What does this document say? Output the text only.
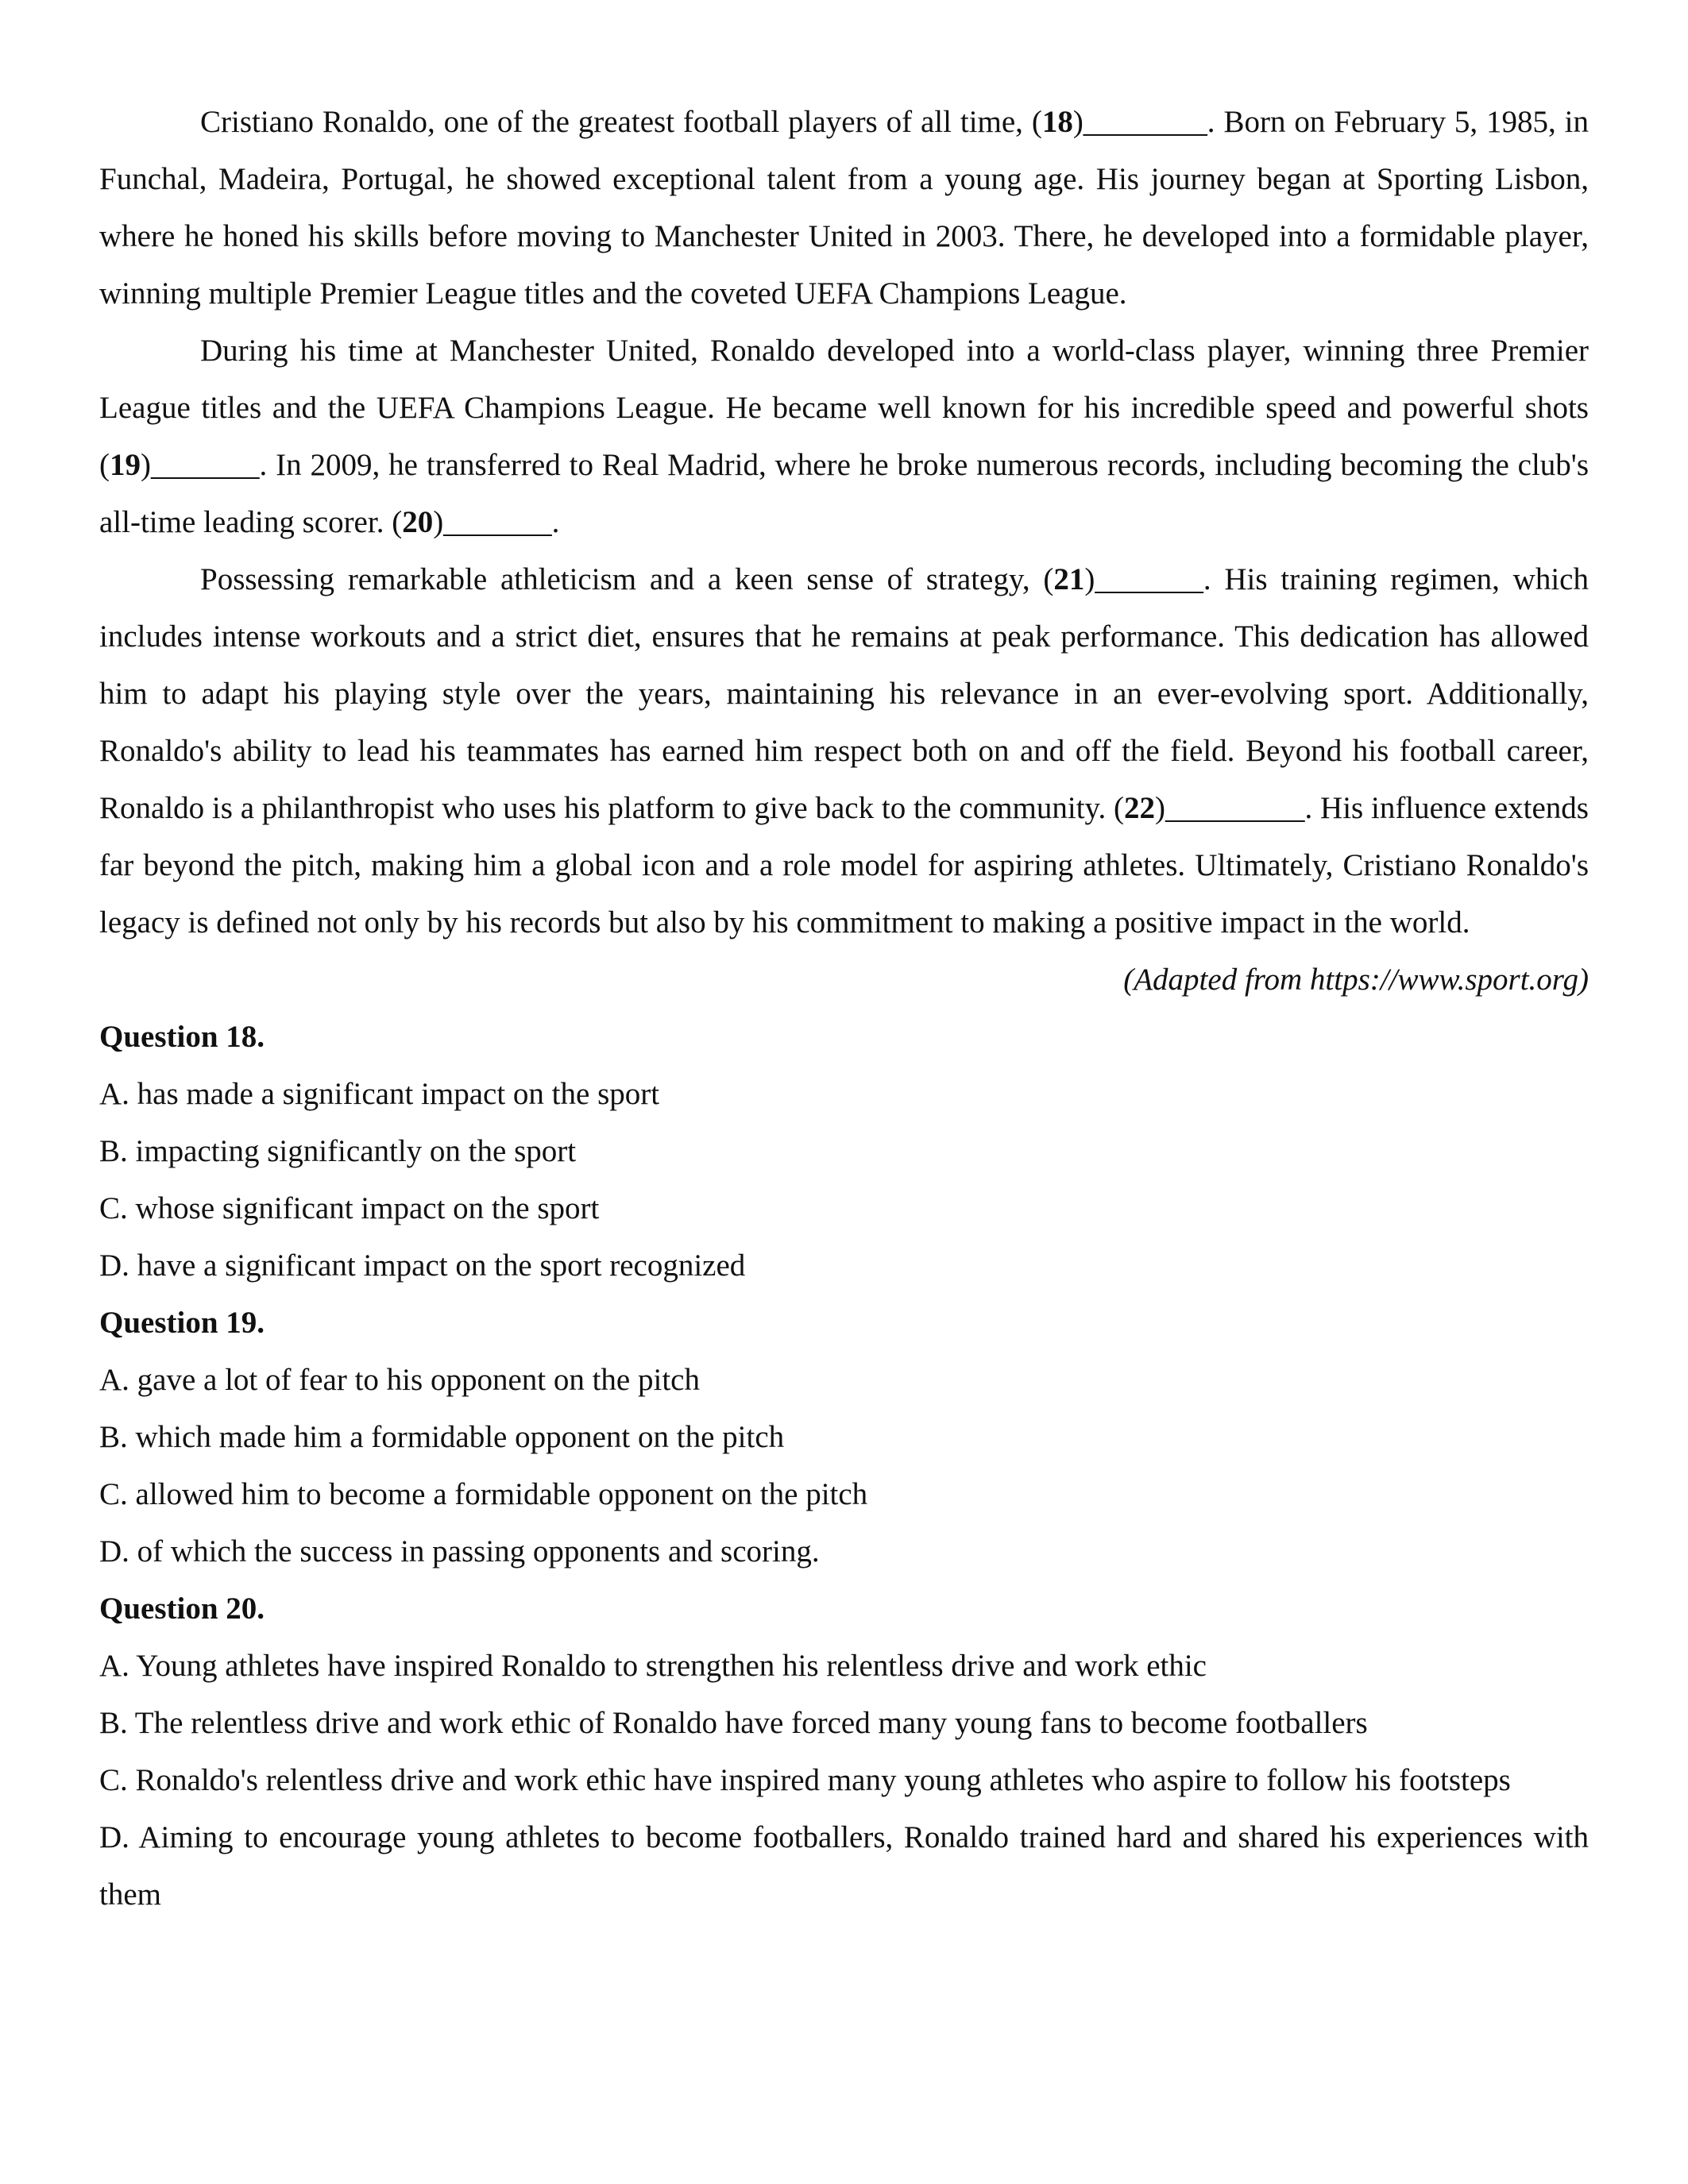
Cristiano Ronaldo, one of the greatest football players of all time, (18)________. Born on February 5, 1985, in Funchal, Madeira, Portugal, he showed exceptional talent from a young age. His journey began at Sporting Lisbon, where he honed his skills before moving to Manchester United in 2003. There, he developed into a formidable player, winning multiple Premier League titles and the coveted UEFA Champions League.

During his time at Manchester United, Ronaldo developed into a world-class player, winning three Premier League titles and the UEFA Champions League. He became well known for his incredible speed and powerful shots (19)_______. In 2009, he transferred to Real Madrid, where he broke numerous records, including becoming the club's all-time leading scorer. (20)_______.

Possessing remarkable athleticism and a keen sense of strategy, (21)_______. His training regimen, which includes intense workouts and a strict diet, ensures that he remains at peak performance. This dedication has allowed him to adapt his playing style over the years, maintaining his relevance in an ever-evolving sport. Additionally, Ronaldo's ability to lead his teammates has earned him respect both on and off the field. Beyond his football career, Ronaldo is a philanthropist who uses his platform to give back to the community. (22)_________. His influence extends far beyond the pitch, making him a global icon and a role model for aspiring athletes. Ultimately, Cristiano Ronaldo's legacy is defined not only by his records but also by his commitment to making a positive impact in the world.

(Adapted from https://www.sport.org)

Question 18.

A. has made a significant impact on the sport

B. impacting significantly on the sport

C. whose significant impact on the sport

D. have a significant impact on the sport recognized

Question 19.

A. gave a lot of fear to his opponent on the pitch

B. which made him a formidable opponent on the pitch

C. allowed him to become a formidable opponent on the pitch

D. of which the success in passing opponents and scoring.

Question 20.

A. Young athletes have inspired Ronaldo to strengthen his relentless drive and work ethic

B. The relentless drive and work ethic of Ronaldo have forced many young fans to become footballers

C. Ronaldo's relentless drive and work ethic have inspired many young athletes who aspire to follow his footsteps

D. Aiming to encourage young athletes to become footballers, Ronaldo trained hard and shared his experiences with them
